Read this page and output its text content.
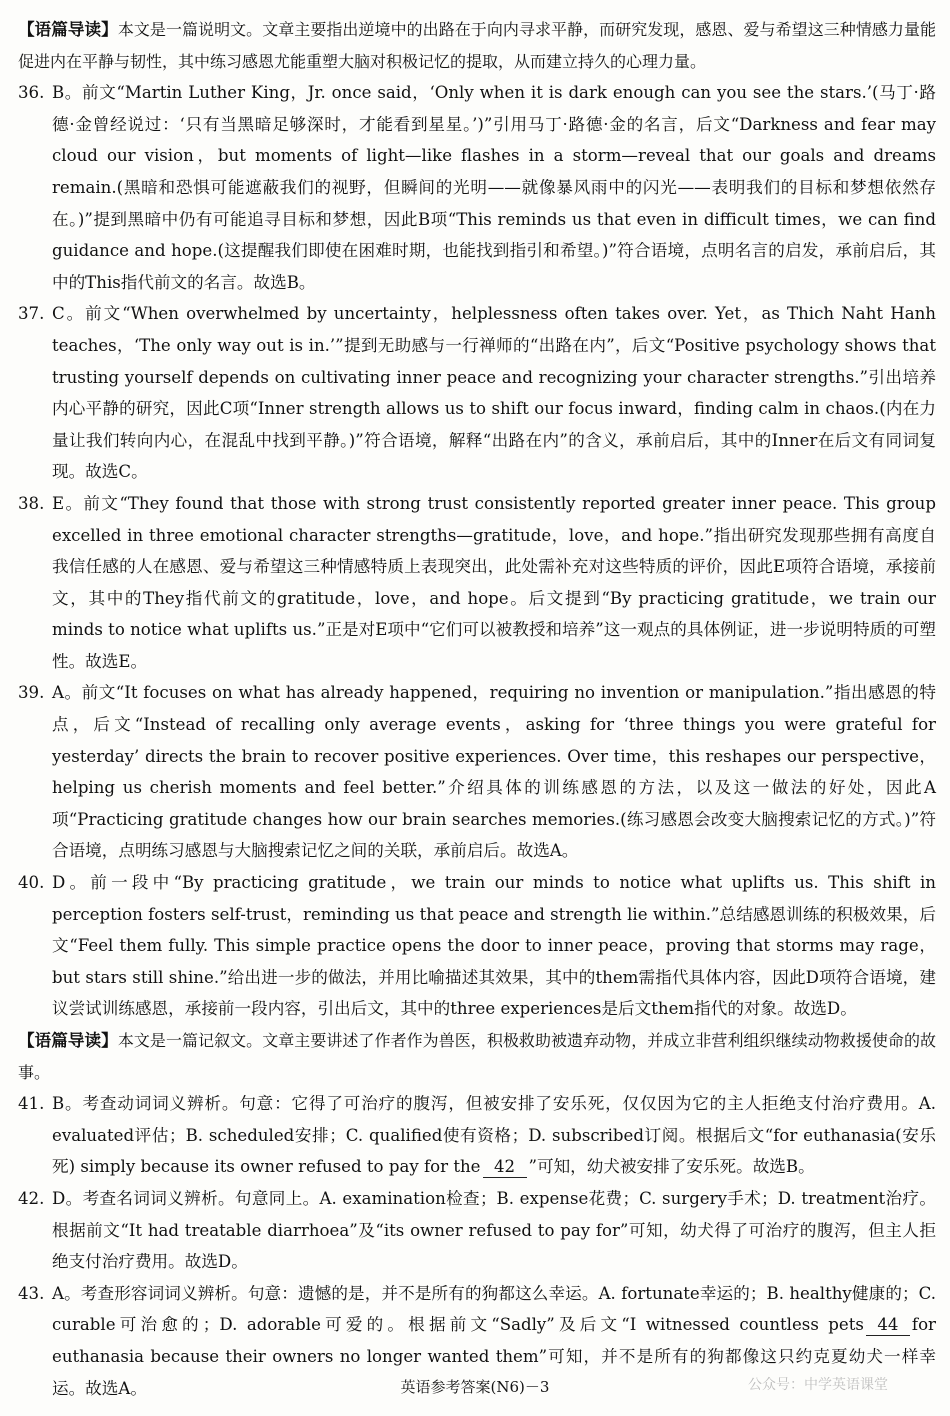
【语篇导读】本文是一篇说明文。文章主要指出逆境中的出路在于向内寻求平静，而研究发现，感恩、爱与希望这三种情感力量能促进内在平静与韧性，其中练习感恩尤能重塑大脑对积极记忆的提取，从而建立持久的心理力量。

36. B。前文“Martin Luther King，Jr. once said，‘Only when it is dark enough can you see the stars.’(马丁·路德·金曾经说过：‘只有当黑暗足够深时，才能看到星星。’)”引用马丁·路德·金的名言，后文“Darkness and fear may cloud our vision，but moments of light—like flashes in a storm—reveal that our goals and dreams remain.(黑暗和恐惧可能遮蔽我们的视野，但瞬间的光明——就像暴风雨中的闪光——表明我们的目标和梦想依然存在。)”提到黑暗中仍有可能追寻目标和梦想，因此B项“This reminds us that even in difficult times，we can find guidance and hope.(这提醒我们即使在困难时期，也能找到指引和希望。)”符合语境，点明名言的启发，承前启后，其中的This指代前文的名言。故选B。

37. C。前文“When overwhelmed by uncertainty，helplessness often takes over. Yet，as Thich Naht Hanh teaches，‘The only way out is in.’”提到无助感与一行禅师的“出路在内”，后文“Positive psychology shows that trusting yourself depends on cultivating inner peace and recognizing your character strengths.”引出培养内心平静的研究，因此C项“Inner strength allows us to shift our focus inward，finding calm in chaos.(内在力量让我们转向内心，在混乱中找到平静。)”符合语境，解释“出路在内”的含义，承前启后，其中的Inner在后文有同词复现。故选C。

38. E。前文“They found that those with strong trust consistently reported greater inner peace. This group excelled in three emotional character strengths—gratitude，love，and hope.”指出研究发现那些拥有高度自我信任感的人在感恩、爱与希望这三种情感特质上表现突出，此处需补充对这些特质的评价，因此E项符合语境，承接前文，其中的They指代前文的gratitude，love，and hope。后文提到“By practicing gratitude，we train our minds to notice what uplifts us.”正是对E项中“它们可以被教授和培养”这一观点的具体例证，进一步说明特质的可塑性。故选E。

39. A。前文“It focuses on what has already happened，requiring no invention or manipulation.”指出感恩的特点，后文“Instead of recalling only average events，asking for ‘three things you were grateful for yesterday’ directs the brain to recover positive experiences. Over time，this reshapes our perspective，helping us cherish moments and feel better.”介绍具体的训练感恩的方法，以及这一做法的好处，因此A项“Practicing gratitude changes how our brain searches memories.(练习感恩会改变大脑搜索记忆的方式。)”符合语境，点明练习感恩与大脑搜索记忆之间的关联，承前启后。故选A。

40. D。前一段中“By practicing gratitude，we train our minds to notice what uplifts us. This shift in perception fosters self-trust，reminding us that peace and strength lie within.”总结感恩训练的积极效果，后文“Feel them fully. This simple practice opens the door to inner peace，proving that storms may rage，but stars still shine.”给出进一步的做法，并用比喻描述其效果，其中的them需指代具体内容，因此D项符合语境，建议尝试训练感恩，承接前一段内容，引出后文，其中的three experiences是后文them指代的对象。故选D。

【语篇导读】本文是一篇记叙文。文章主要讲述了作者作为兽医，积极救助被遗弃动物，并成立非营利组织继续动物救援使命的故事。

41. B。考查动词词义辨析。句意：它得了可治疗的腹泻，但被安排了安乐死，仅仅因为它的主人拒绝支付治疗费用。A. evaluated评估；B. scheduled安排；C. qualified使有资格；D. subscribed订阅。根据后文“for euthanasia(安乐死) simply because its owner refused to pay for the 42 ”可知，幼犬被安排了安乐死。故选B。

42. D。考查名词词义辨析。句意同上。A. examination检查；B. expense花费；C. surgery手术；D. treatment治疗。根据前文“It had treatable diarrhoea”及“its owner refused to pay for”可知，幼犬得了可治疗的腹泻，但主人拒绝支付治疗费用。故选D。

43. A。考查形容词词义辨析。句意：遗憾的是，并不是所有的狗都这么幸运。A. fortunate幸运的；B. healthy健康的；C. curable可治愈的；D. adorable可爱的。根据前文“Sadly”及后文“I witnessed countless pets 44 for euthanasia because their owners no longer wanted them”可知，并不是所有的狗都像这只约克夏幼犬一样幸运。故选A。	英语参考答案(N6)－3	公众号：中学英语课堂
